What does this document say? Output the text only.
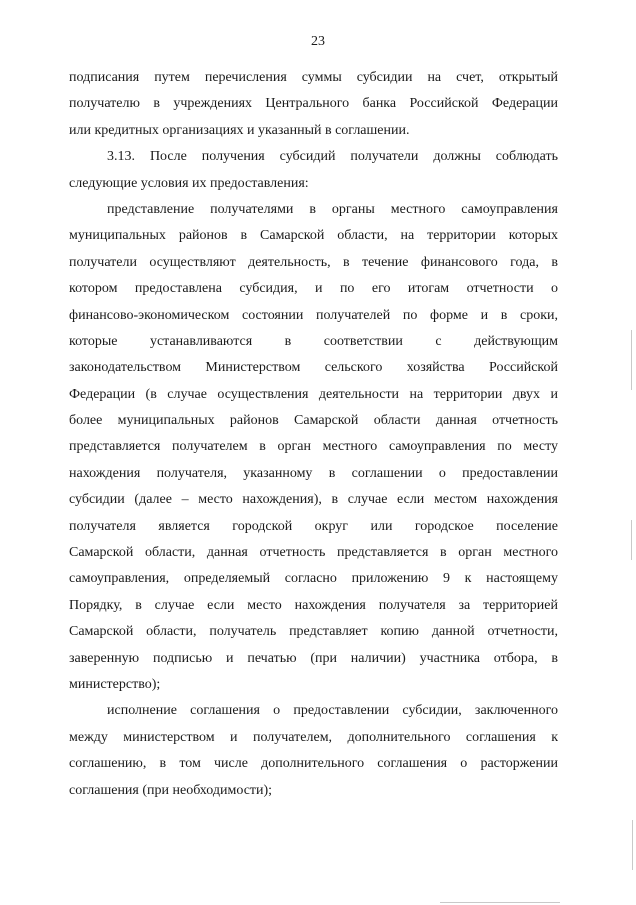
23
подписания путем перечисления суммы субсидии на счет, открытый
получателю в учреждениях Центрального банка Российской Федерации
или кредитных организациях и указанный в соглашении.
3.13. После получения субсидий получатели должны соблюдать
следующие условия их предоставления:
представление получателями в органы местного самоуправления
муниципальных районов в Самарской области, на территории которых
получатели осуществляют деятельность, в течение финансового года, в
котором предоставлена субсидия, и по его итогам отчетности о
финансово-экономическом состоянии получателей по форме и в сроки,
которые устанавливаются в соответствии с действующим
законодательством Министерством сельского хозяйства Российской
Федерации (в случае осуществления деятельности на территории двух и
более муниципальных районов Самарской области данная отчетность
представляется получателем в орган местного самоуправления по месту
нахождения получателя, указанному в соглашении о предоставлении
субсидии (далее – место нахождения), в случае если местом нахождения
получателя является городской округ или городское поселение
Самарской области, данная отчетность представляется в орган местного
самоуправления, определяемый согласно приложению 9 к настоящему
Порядку, в случае если место нахождения получателя за территорией
Самарской области, получатель представляет копию данной отчетности,
заверенную подписью и печатью (при наличии) участника отбора, в
министерство);
исполнение соглашения о предоставлении субсидии, заключенного
между министерством и получателем, дополнительного соглашения к
соглашению, в том числе дополнительного соглашения о расторжении
соглашения (при необходимости);
